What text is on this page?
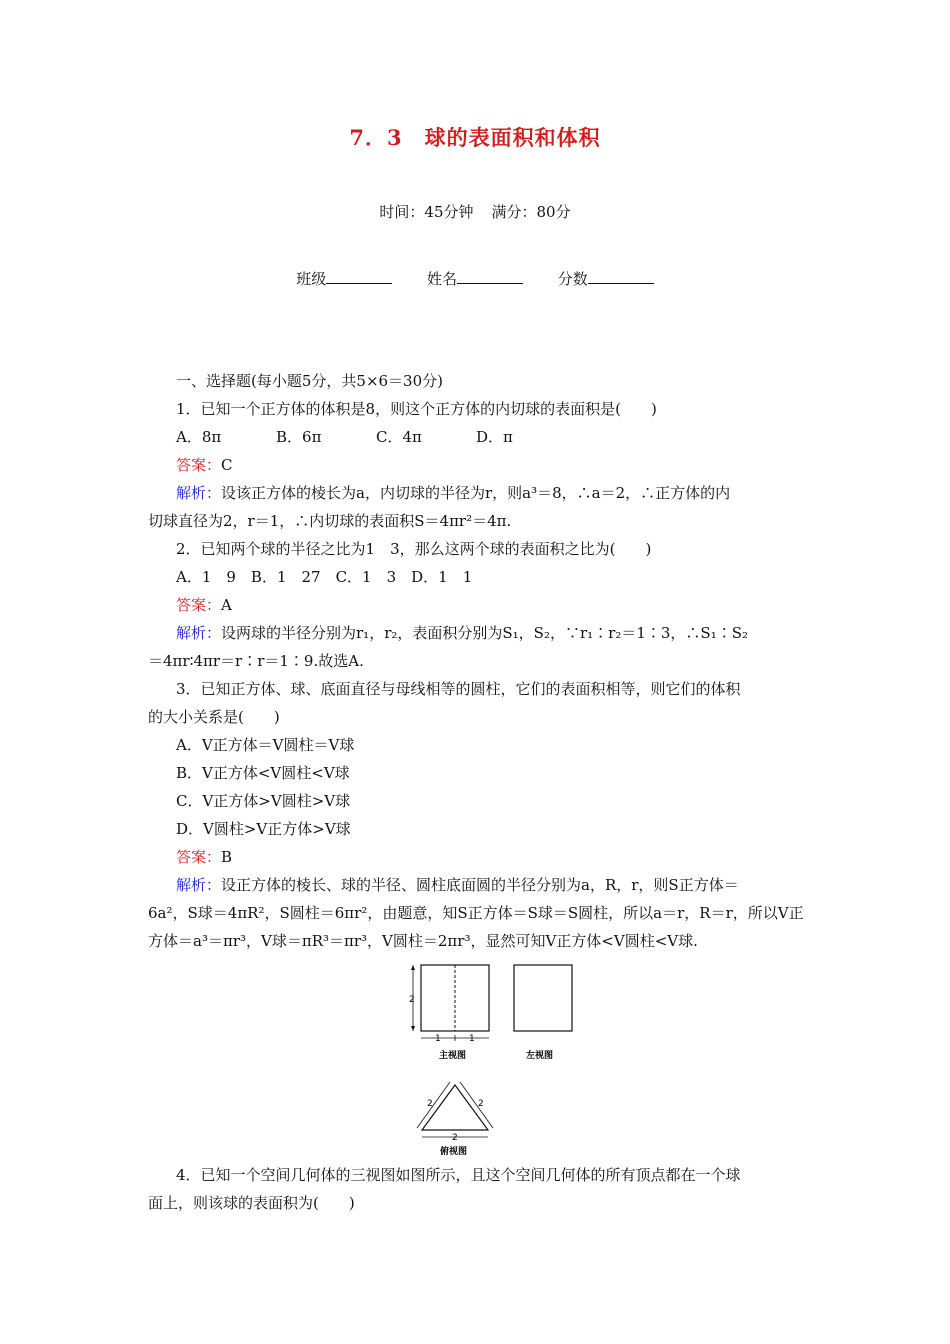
7．3 球的表面积和体积
时间：45分钟 满分：80分
班级	姓名	分数
一、选择题(每小题5分，共5×6＝30分)
1．已知一个正方体的体积是8，则这个正方体的内切球的表面积是(　　)
A．8π	B．6π	C．4π	D．π
答案：C
解析：设该正方体的棱长为a，内切球的半径为r，则a³＝8，∴a＝2，∴正方体的内
切球直径为2，r＝1，∴内切球的表面积S＝4πr²＝4π.
2．已知两个球的半径之比为1　3，那么这两个球的表面积之比为(　　)
A．1　9　B．1　27　C．1　3　D．1　1
答案：A
解析：设两球的半径分别为r₁，r₂，表面积分别为S₁，S₂，∵r₁∶r₂＝1∶3，∴S₁∶S₂
＝4πr∶4πr＝r∶r＝1∶9.故选A.
3．已知正方体、球、底面直径与母线相等的圆柱，它们的表面积相等，则它们的体积
的大小关系是(　　)
A．V正方体＝V圆柱＝V球
B．V正方体<V圆柱<V球
C．V正方体>V圆柱>V球
D．V圆柱>V正方体>V球
答案：B
解析：设正方体的棱长、球的半径、圆柱底面圆的半径分别为a，R，r，则S正方体＝
6a²，S球＝4πR²，S圆柱＝6πr²，由题意，知S正方体＝S球＝S圆柱，所以a＝r，R＝r，所以V正
方体＝a³＝πr³，V球＝πR³＝πr³，V圆柱＝2πr³，显然可知V正方体<V圆柱<V球.
2
1	1
主视图	左视图
2	2
2
俯视图
4．已知一个空间几何体的三视图如图所示，且这个空间几何体的所有顶点都在一个球
面上，则该球的表面积为(　　)
